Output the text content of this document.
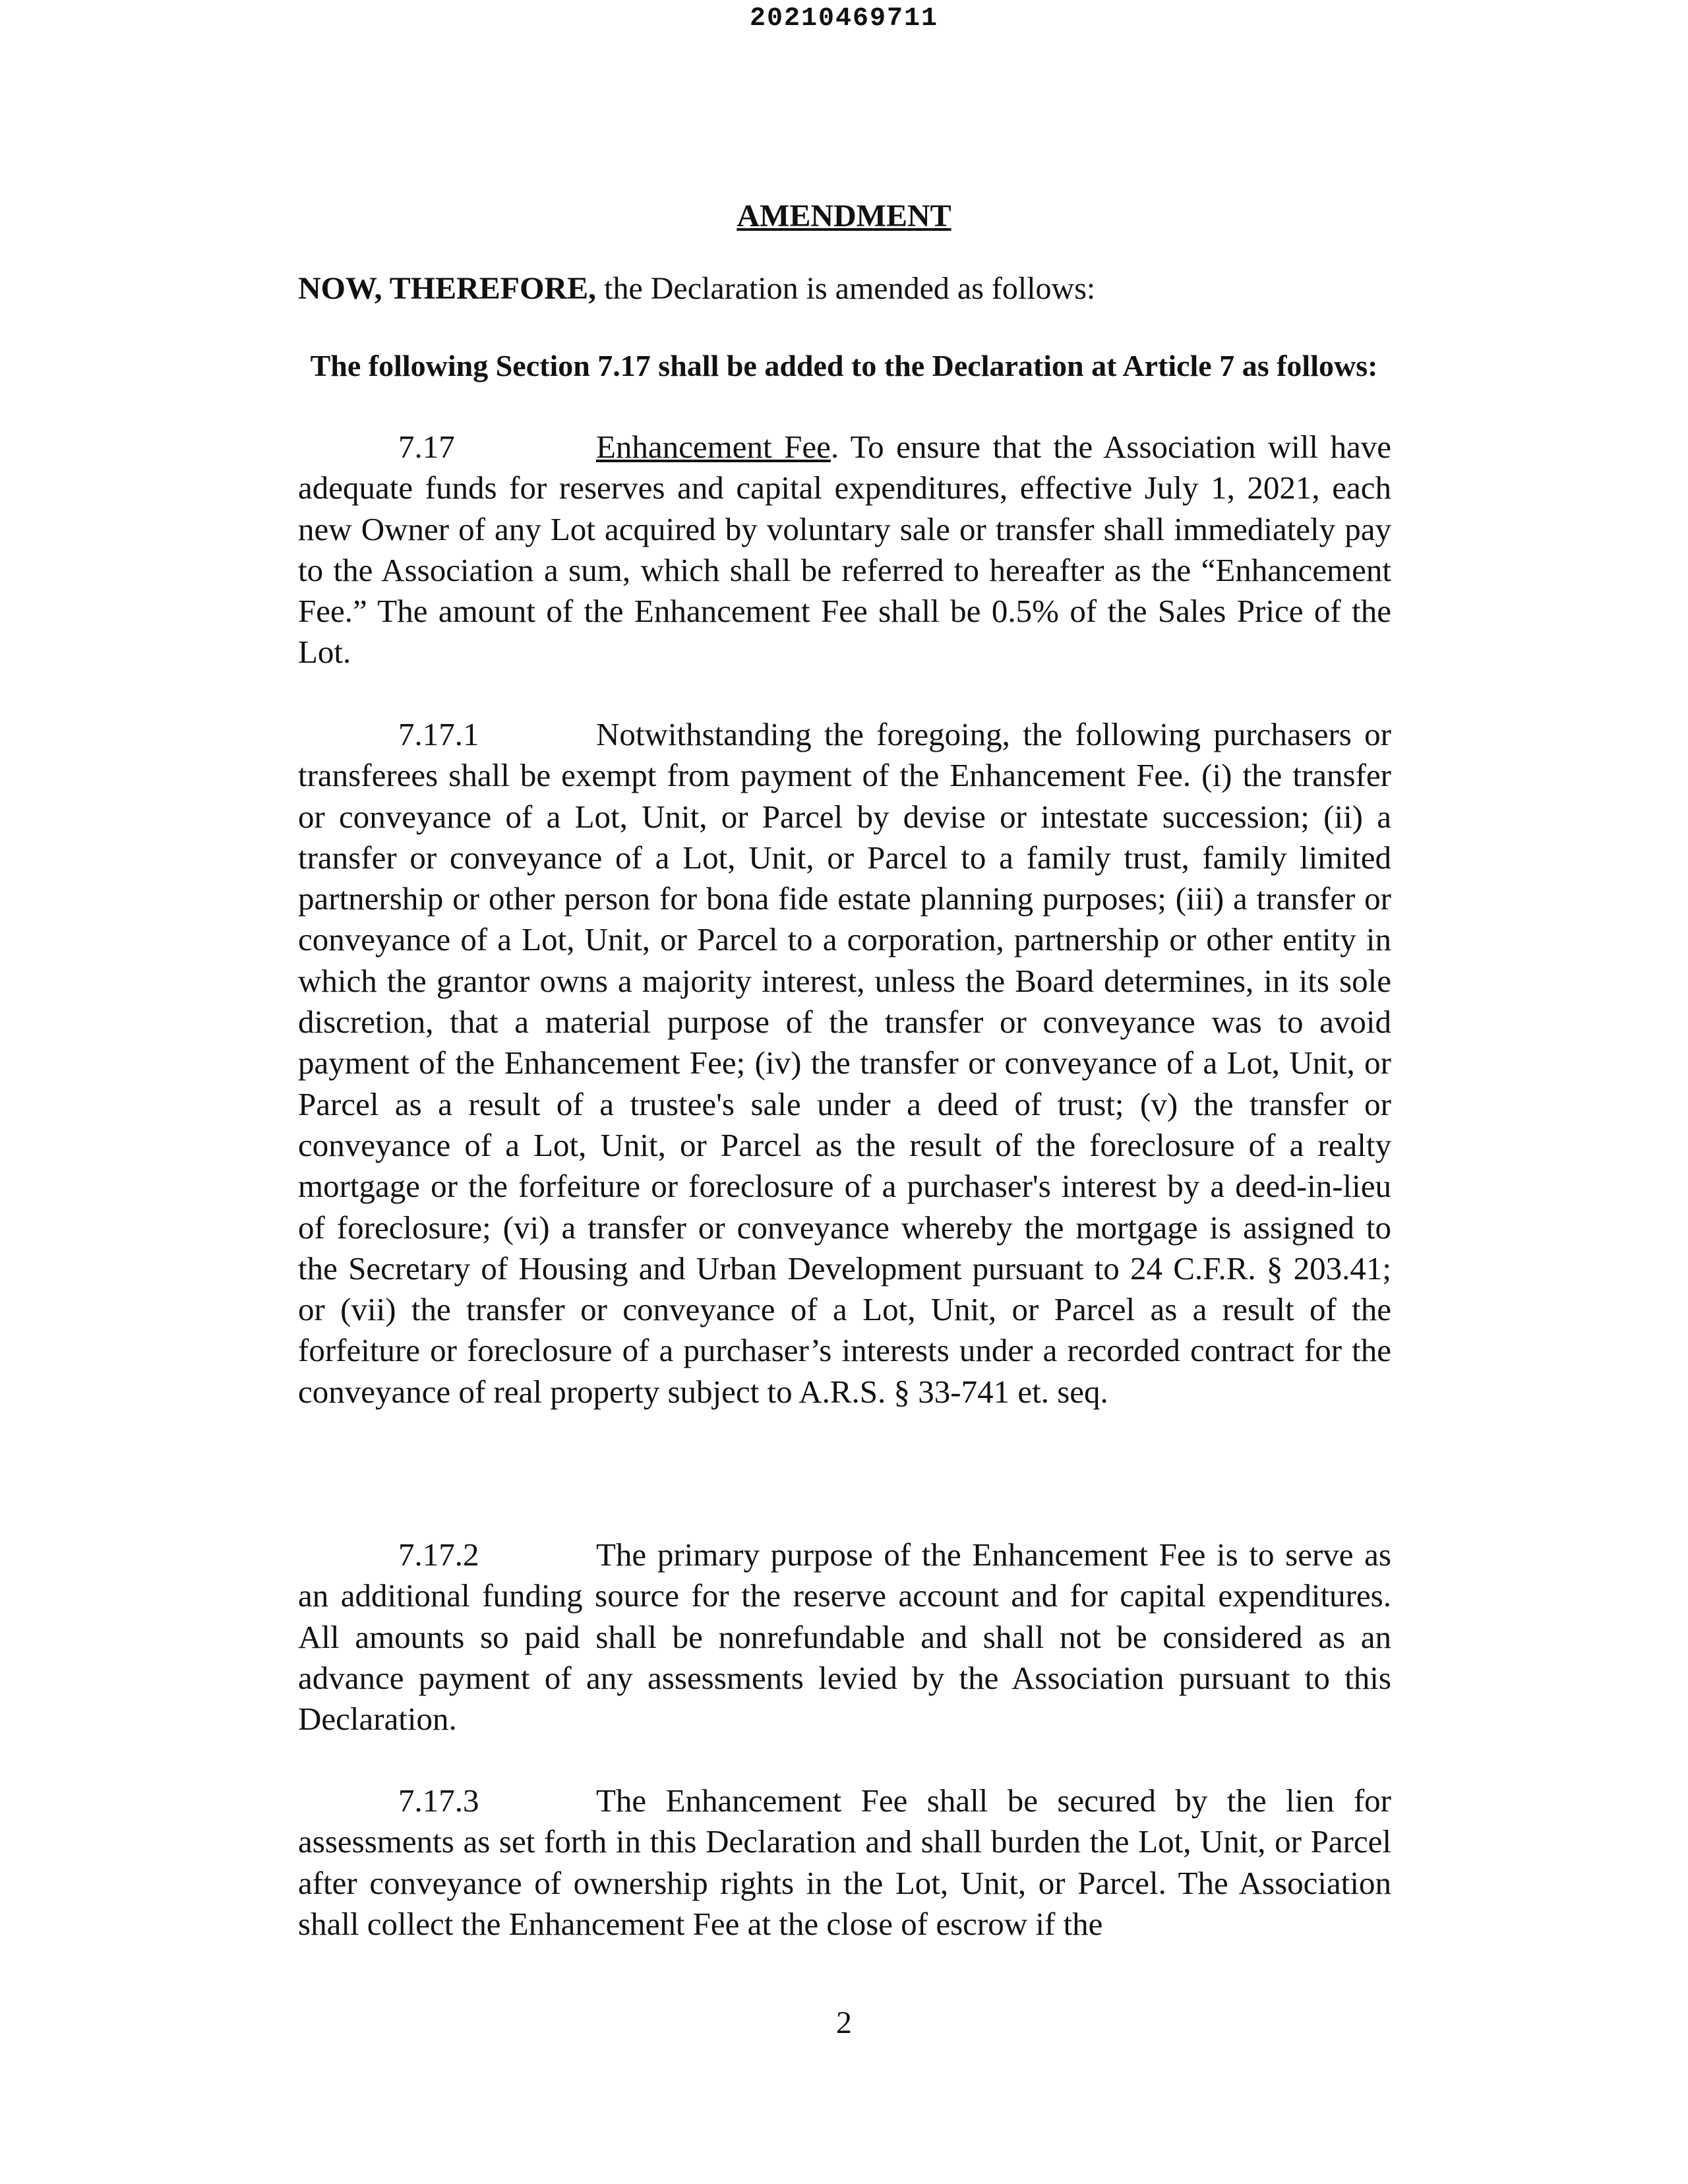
20210469711
AMENDMENT
NOW, THEREFORE, the Declaration is amended as follows:
The following Section 7.17 shall be added to the Declaration at Article 7 as follows:
7.17	Enhancement Fee. To ensure that the Association will have adequate funds for reserves and capital expenditures, effective July 1, 2021, each new Owner of any Lot acquired by voluntary sale or transfer shall immediately pay to the Association a sum, which shall be referred to hereafter as the “Enhancement Fee.” The amount of the Enhancement Fee shall be 0.5% of the Sales Price of the Lot.
7.17.1	Notwithstanding the foregoing, the following purchasers or transferees shall be exempt from payment of the Enhancement Fee. (i) the transfer or conveyance of a Lot, Unit, or Parcel by devise or intestate succession; (ii) a transfer or conveyance of a Lot, Unit, or Parcel to a family trust, family limited partnership or other person for bona fide estate planning purposes; (iii) a transfer or conveyance of a Lot, Unit, or Parcel to a corporation, partnership or other entity in which the grantor owns a majority interest, unless the Board determines, in its sole discretion, that a material purpose of the transfer or conveyance was to avoid payment of the Enhancement Fee; (iv) the transfer or conveyance of a Lot, Unit, or Parcel as a result of a trustee's sale under a deed of trust; (v) the transfer or conveyance of a Lot, Unit, or Parcel as the result of the foreclosure of a realty mortgage or the forfeiture or foreclosure of a purchaser's interest by a deed-in-lieu of foreclosure; (vi) a transfer or conveyance whereby the mortgage is assigned to the Secretary of Housing and Urban Development pursuant to 24 C.F.R. § 203.41; or (vii) the transfer or conveyance of a Lot, Unit, or Parcel as a result of the forfeiture or foreclosure of a purchaser’s interests under a recorded contract for the conveyance of real property subject to A.R.S. § 33-741 et. seq.
7.17.2	The primary purpose of the Enhancement Fee is to serve as an additional funding source for the reserve account and for capital expenditures. All amounts so paid shall be nonrefundable and shall not be considered as an advance payment of any assessments levied by the Association pursuant to this Declaration.
7.17.3	The Enhancement Fee shall be secured by the lien for assessments as set forth in this Declaration and shall burden the Lot, Unit, or Parcel after conveyance of ownership rights in the Lot, Unit, or Parcel. The Association shall collect the Enhancement Fee at the close of escrow if the
2
